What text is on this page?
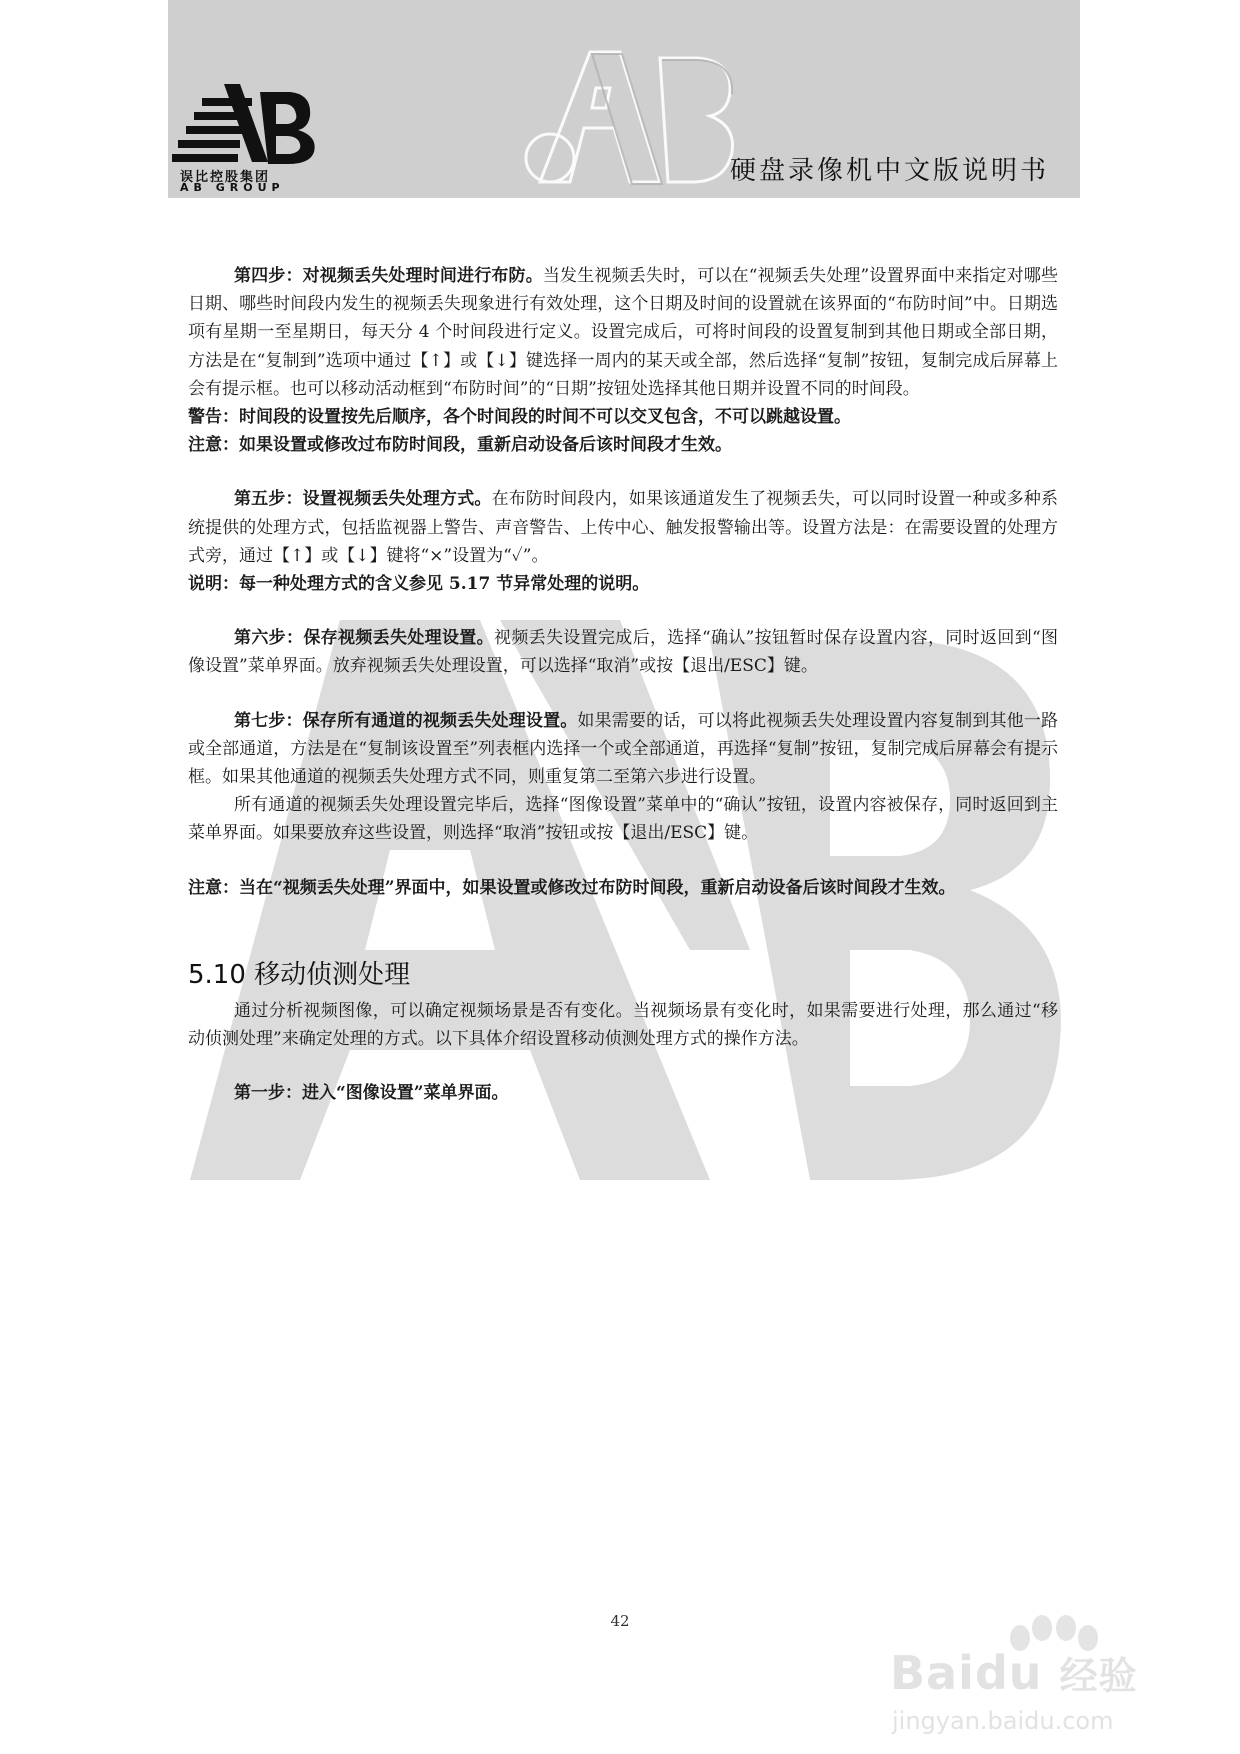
误比控股集团
AB GROUP
硬盘录像机中文版说明书

第四步：对视频丢失处理时间进行布防。当发生视频丢失时，可以在“视频丢失处理”设置界面中来指定对哪些日期、哪些时间段内发生的视频丢失现象进行有效处理，这个日期及时间的设置就在该界面的“布防时间”中。日期选项有星期一至星期日，每天分 4 个时间段进行定义。设置完成后，可将时间段的设置复制到其他日期或全部日期，方法是在“复制到”选项中通过【↑】或【↓】键选择一周内的某天或全部，然后选择“复制”按钮，复制完成后屏幕上会有提示框。也可以移动活动框到“布防时间”的“日期”按钮处选择其他日期并设置不同的时间段。

警告：时间段的设置按先后顺序，各个时间段的时间不可以交叉包含，不可以跳越设置。

注意：如果设置或修改过布防时间段，重新启动设备后该时间段才生效。

第五步：设置视频丢失处理方式。在布防时间段内，如果该通道发生了视频丢失，可以同时设置一种或多种系统提供的处理方式，包括监视器上警告、声音警告、上传中心、触发报警输出等。设置方法是：在需要设置的处理方式旁，通过【↑】或【↓】键将“×”设置为“✓”。

说明：每一种处理方式的含义参见 5.17 节异常处理的说明。

第六步：保存视频丢失处理设置。视频丢失设置完成后，选择“确认”按钮暂时保存设置内容，同时返回到“图像设置”菜单界面。放弃视频丢失处理设置，可以选择“取消”或按【退出/ESC】键。

第七步：保存所有通道的视频丢失处理设置。如果需要的话，可以将此视频丢失处理设置内容复制到其他一路或全部通道，方法是在“复制该设置至”列表框内选择一个或全部通道，再选择“复制”按钮，复制完成后屏幕会有提示框。如果其他通道的视频丢失处理方式不同，则重复第二至第六步进行设置。

所有通道的视频丢失处理设置完毕后，选择“图像设置”菜单中的“确认”按钮，设置内容被保存，同时返回到主菜单界面。如果要放弃这些设置，则选择“取消”按钮或按【退出/ESC】键。

注意：当在“视频丢失处理”界面中，如果设置或修改过布防时间段，重新启动设备后该时间段才生效。

5.10 移动侦测处理

通过分析视频图像，可以确定视频场景是否有变化。当视频场景有变化时，如果需要进行处理，那么通过“移动侦测处理”来确定处理的方式。以下具体介绍设置移动侦测处理方式的操作方法。

第一步：进入“图像设置”菜单界面。

42
Baidu 经验
jingyan.baidu.com
